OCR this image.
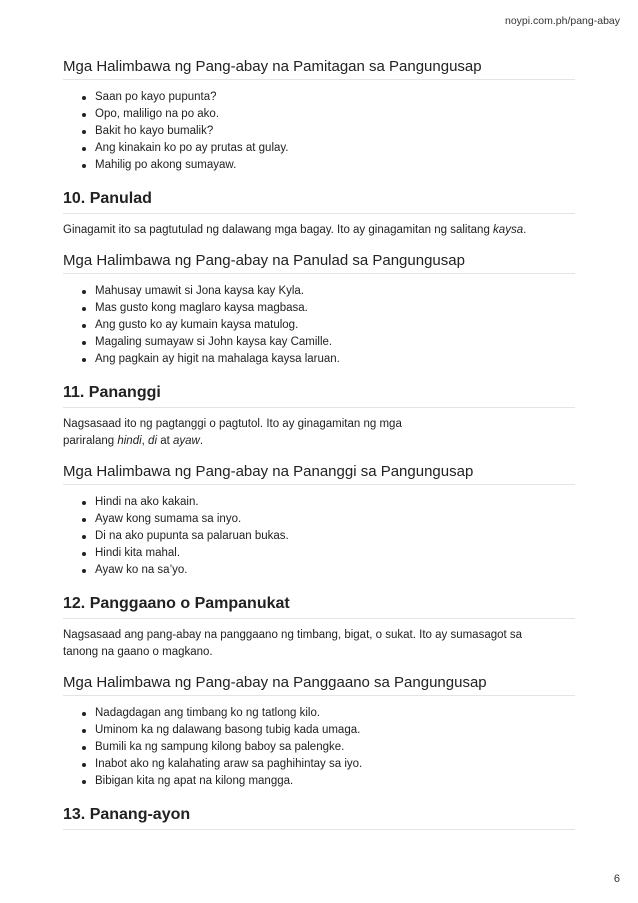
noypi.com.ph/pang-abay
Mga Halimbawa ng Pang-abay na Pamitagan sa Pangungusap
Saan po kayo pupunta?
Opo, maliligo na po ako.
Bakit ho kayo bumalik?
Ang kinakain ko po ay prutas at gulay.
Mahilig po akong sumayaw.
10. Panulad

Ginagamit ito sa pagtutulad ng dalawang mga bagay. Ito ay ginagamitan ng salitang kaysa.

Mga Halimbawa ng Pang-abay na Panulad sa Pangungusap
Mahusay umawit si Jona kaysa kay Kyla.
Mas gusto kong maglaro kaysa magbasa.
Ang gusto ko ay kumain kaysa matulog.
Magaling sumayaw si John kaysa kay Camille.
Ang pagkain ay higit na mahalaga kaysa laruan.
11. Pananggi

Nagsasaad ito ng pagtanggi o pagtutol. Ito ay ginagamitan ng mga
pariralang hindi, di at ayaw.

Mga Halimbawa ng Pang-abay na Pananggi sa Pangungusap
Hindi na ako kakain.
Ayaw kong sumama sa inyo.
Di na ako pupunta sa palaruan bukas.
Hindi kita mahal.
Ayaw ko na sa’yo.
12. Panggaano o Pampanukat

Nagsasaad ang pang-abay na panggaano ng timbang, bigat, o sukat. Ito ay sumasagot sa
tanong na gaano o magkano.

Mga Halimbawa ng Pang-abay na Panggaano sa Pangungusap
Nadagdagan ang timbang ko ng tatlong kilo.
Uminom ka ng dalawang basong tubig kada umaga.
Bumili ka ng sampung kilong baboy sa palengke.
Inabot ako ng kalahating araw sa paghihintay sa iyo.
Bibigan kita ng apat na kilong mangga.
13. Panang-ayon
6
